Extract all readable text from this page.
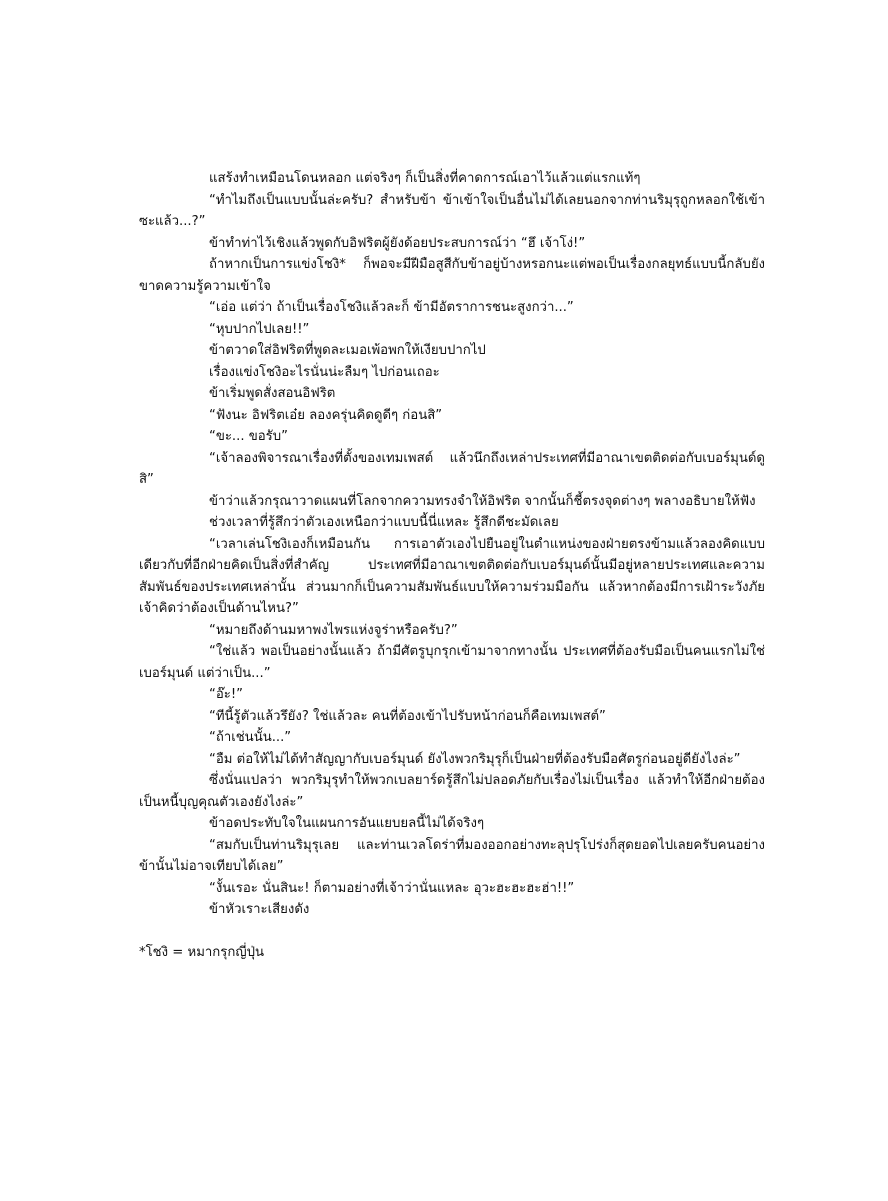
แสร้งทำเหมือนโดนหลอก แต่จริงๆ ก็เป็นสิ่งที่คาดการณ์เอาไว้แล้วแต่แรกแท้ๆ

“ทำไมถึงเป็นแบบนั้นล่ะครับ? สำหรับข้า ข้าเข้าใจเป็นอื่นไม่ได้เลยนอกจากท่านริมุรุถูกหลอกใช้เข้าซะแล้ว...?”

ข้าทำท่าไว้เชิงแล้วพูดกับอิฟริตผู้ยังด้อยประสบการณ์ว่า “ฮึ เจ้าโง่!”

ถ้าหากเป็นการแข่งโชงิ* ก็พอจะมีฝีมือสูสีกับข้าอยู่บ้างหรอกนะแต่พอเป็นเรื่องกลยุทธ์แบบนี้กลับยังขาดความรู้ความเข้าใจ

“เอ่อ แต่ว่า ถ้าเป็นเรื่องโชงิแล้วละก็ ข้ามีอัตราการชนะสูงกว่า...”

“หุบปากไปเลย!!”

ข้าตวาดใส่อิฟริตที่พูดละเมอเพ้อพกให้เงียบปากไป

เรื่องแข่งโชงิอะไรนั่นน่ะลืมๆ ไปก่อนเถอะ

ข้าเริ่มพูดสั่งสอนอิฟริต

“ฟังนะ อิฟริตเอ๋ย ลองครุ่นคิดดูดีๆ ก่อนสิ”

“ขะ... ขอรับ”

“เจ้าลองพิจารณาเรื่องที่ตั้งของเทมเพสต์ แล้วนึกถึงเหล่าประเทศที่มีอาณาเขตติดต่อกับเบอร์มุนด์ดูสิ”

ข้าว่าแล้วกรุณาวาดแผนที่โลกจากความทรงจำให้อิฟริต จากนั้นก็ชี้ตรงจุดต่างๆ พลางอธิบายให้ฟัง

ช่วงเวลาที่รู้สึกว่าตัวเองเหนือกว่าแบบนี้นี่แหละ รู้สึกดีชะมัดเลย

“เวลาเล่นโชงิเองก็เหมือนกัน การเอาตัวเองไปยืนอยู่ในตำแหน่งของฝ่ายตรงข้ามแล้วลองคิดแบบเดียวกับที่อีกฝ่ายคิดเป็นสิ่งที่สำคัญ ประเทศที่มีอาณาเขตติดต่อกับเบอร์มุนด์นั้นมีอยู่หลายประเทศและความสัมพันธ์ของประเทศเหล่านั้น ส่วนมากก็เป็นความสัมพันธ์แบบให้ความร่วมมือกัน แล้วหากต้องมีการเฝ้าระวังภัยเจ้าคิดว่าต้องเป็นด้านไหน?”

“หมายถึงด้านมหาพงไพรแห่งจูร่าหรือครับ?”

“ใช่แล้ว พอเป็นอย่างนั้นแล้ว ถ้ามีศัตรูบุกรุกเข้ามาจากทางนั้น ประเทศที่ต้องรับมือเป็นคนแรกไม่ใช่เบอร์มุนด์ แต่ว่าเป็น...”

“อ๊ะ!”

“ทีนี้รู้ตัวแล้วรึยัง? ใช่แล้วละ คนที่ต้องเข้าไปรับหน้าก่อนก็คือเทมเพสต์”

“ถ้าเช่นนั้น...”

“อืม ต่อให้ไม่ได้ทำสัญญากับเบอร์มุนด์ ยังไงพวกริมุรุก็เป็นฝ่ายที่ต้องรับมือศัตรูก่อนอยู่ดียังไงล่ะ”

ซึ่งนั่นแปลว่า พวกริมุรุทำให้พวกเบลยาร์ดรู้สึกไม่ปลอดภัยกับเรื่องไม่เป็นเรื่อง แล้วทำให้อีกฝ่ายต้องเป็นหนี้บุญคุณตัวเองยังไงล่ะ”

ข้าอดประทับใจในแผนการอันแยบยลนี้ไม่ได้จริงๆ

“สมกับเป็นท่านริมุรุเลย และท่านเวลโดร่าที่มองออกอย่างทะลุปรุโปร่งก็สุดยอดไปเลยครับคนอย่างข้านั้นไม่อาจเทียบได้เลย”

“งั้นเรอะ นั่นสินะ! ก็ตามอย่างที่เจ้าว่านั่นแหละ อุวะฮะฮะฮะฮ่า!!”

ข้าหัวเราะเสียงดัง

*โชงิ = หมากรุกญี่ปุ่น
